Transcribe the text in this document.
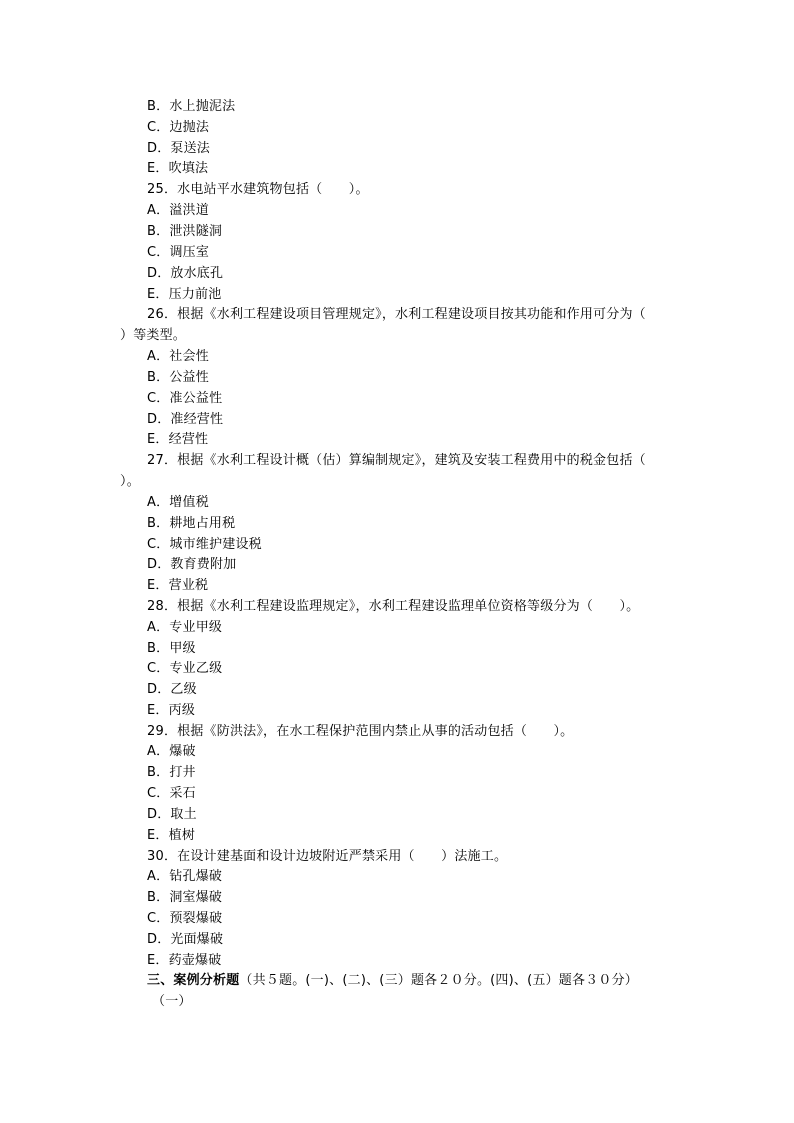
B．水上抛泥法
C．边抛法
D．泵送法
E．吹填法
25．水电站平水建筑物包括（　　）。
A．溢洪道
B．泄洪隧洞
C．调压室
D．放水底孔
E．压力前池
26．根据《水利工程建设项目管理规定》，水利工程建设项目按其功能和作用可分为（
）等类型。
A．社会性
B．公益性
C．准公益性
D．准经营性
E．经营性
27．根据《水利工程设计概（估）算编制规定》，建筑及安装工程费用中的税金包括（
）。
A．增值税
B．耕地占用税
C．城市维护建设税
D．教育费附加
E．营业税
28．根据《水利工程建设监理规定》，水利工程建设监理单位资格等级分为（　　）。
A．专业甲级
B．甲级
C．专业乙级
D．乙级
E．丙级
29．根据《防洪法》，在水工程保护范围内禁止从事的活动包括（　　）。
A．爆破
B．打井
C．采石
D．取土
E．植树
30．在设计建基面和设计边坡附近严禁采用（　　）法施工。
A．钻孔爆破
B．洞室爆破
C．预裂爆破
D．光面爆破
E．药壶爆破
三、案例分析题（共５题。(一)、(二)、(三）题各２０分。(四)、(五）题各３０分）
（一）
